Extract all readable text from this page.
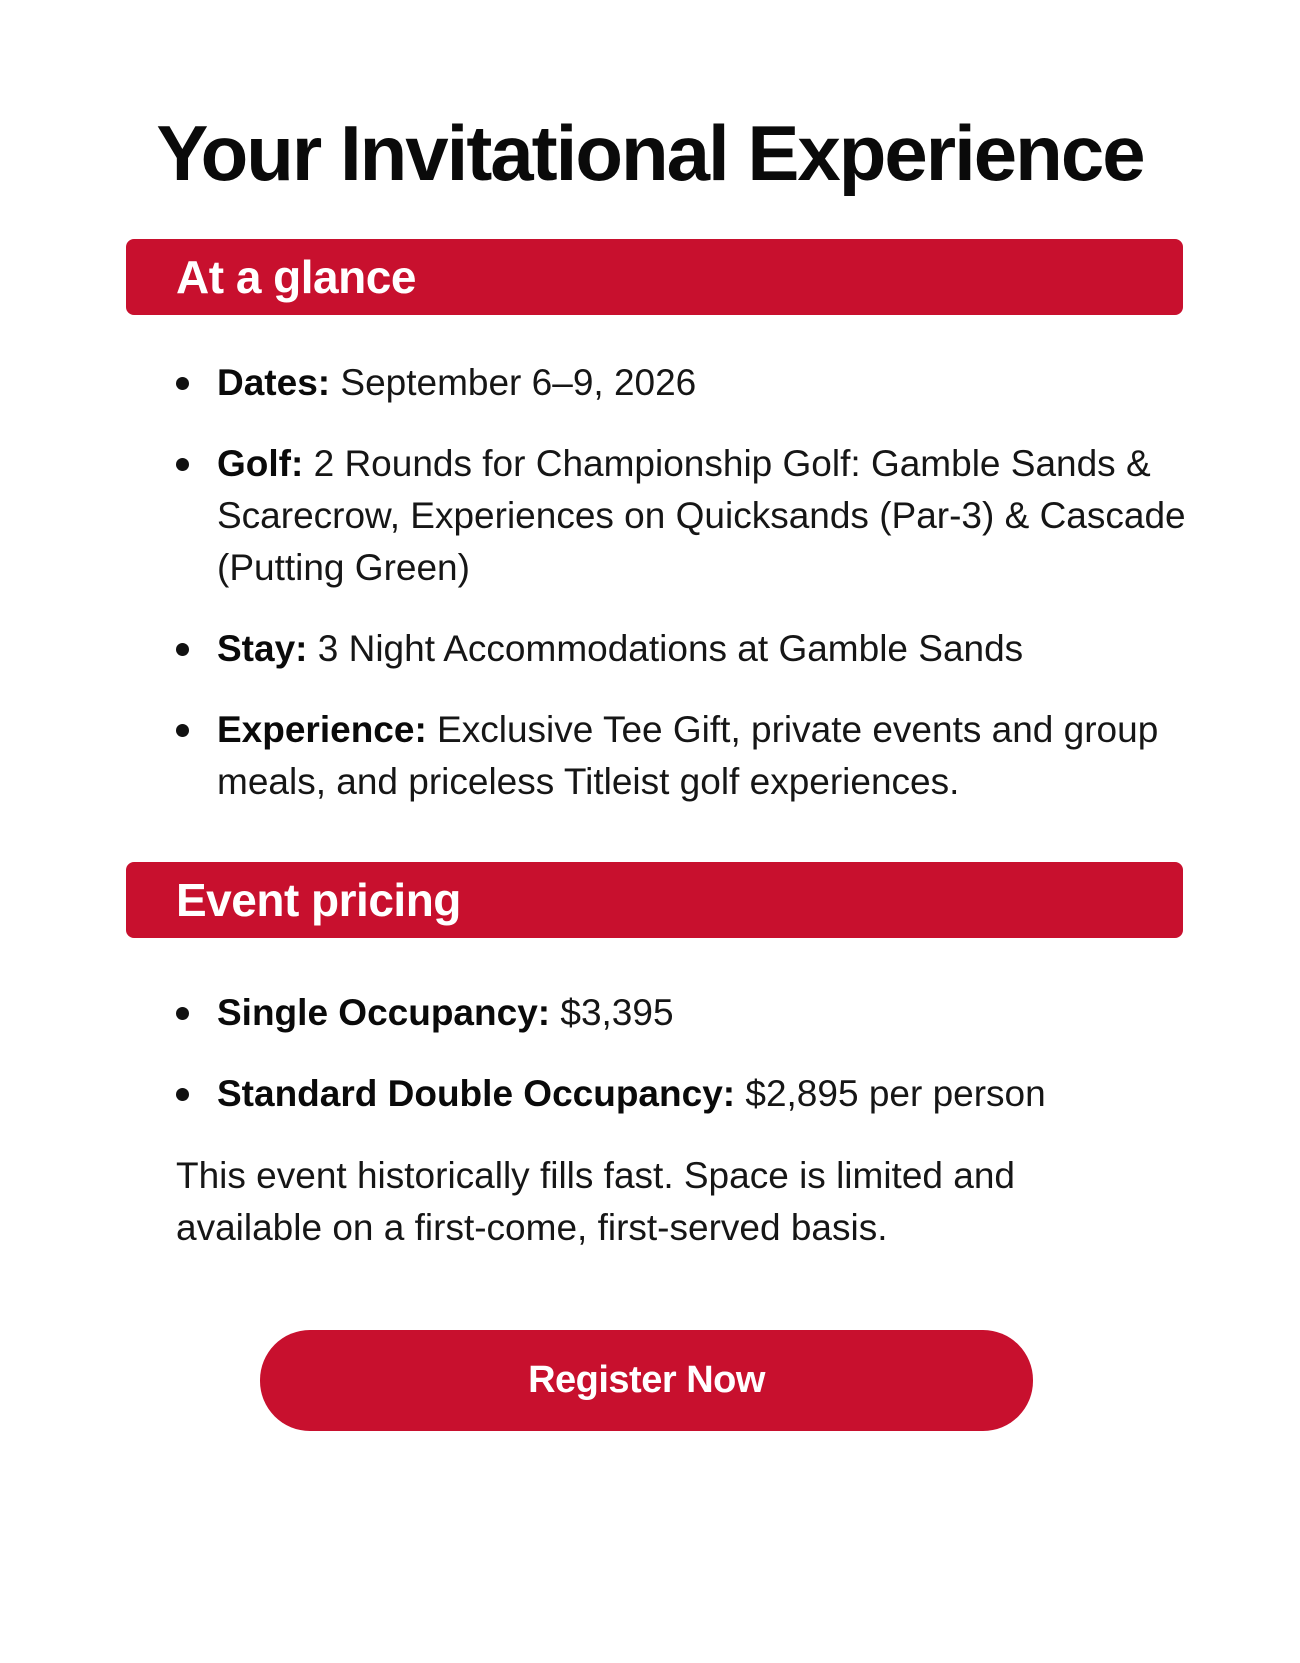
Your Invitational Experience
At a glance
Dates: September 6–9, 2026
Golf: 2 Rounds for Championship Golf: Gamble Sands & Scarecrow, Experiences on Quicksands (Par-3) & Cascade (Putting Green)
Stay: 3 Night Accommodations at Gamble Sands
Experience: Exclusive Tee Gift, private events and group meals, and priceless Titleist golf experiences.
Event pricing
Single Occupancy: $3,395
Standard Double Occupancy: $2,895 per person

This event historically fills fast. Space is limited and available on a first-come, first-served basis.

Register Now
